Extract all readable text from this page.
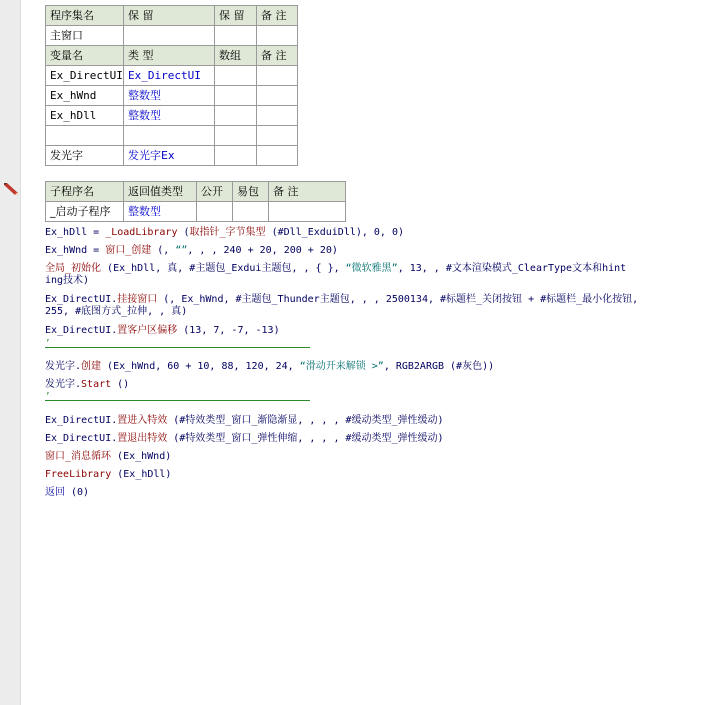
程序集名	保 留	保 留	备 注
主窗口			
变量名	类 型	数组	备 注
Ex_DirectUI	Ex_DirectUI		
Ex_hWnd	整数型		
Ex_hDll	整数型		

发光字	发光字Ex		
子程序名	返回值类型	公开	易包	备 注
_启动子程序	整数型			
Ex_hDll = _LoadLibrary (取指针_字节集型 (#Dll_ExduiDll), 0, 0)
Ex_hWnd = 窗口_创建 (, “”, , , 240 + 20, 200 + 20)
全局_初始化 (Ex_hDll, 真, #主题包_Exdui主题包, , { }, “微软雅黑”, 13, , #文本渲染模式_ClearType文本和hint
ing技术)
Ex_DirectUI.挂接窗口 (, Ex_hWnd, #主题包_Thunder主题包, , , 2500134, #标题栏_关闭按钮 + #标题栏_最小化按钮,
255, #底图方式_拉伸, , 真)
Ex_DirectUI.置客户区偏移 (13, 7, -7, -13)
’
发光字.创建 (Ex_hWnd, 60 + 10, 88, 120, 24, “滑动开来解锁 >”, RGB2ARGB (#灰色))
发光字.Start ()
’
Ex_DirectUI.置进入特效 (#特效类型_窗口_渐隐渐显, , , , #缓动类型_弹性缓动)
Ex_DirectUI.置退出特效 (#特效类型_窗口_弹性伸缩, , , , #缓动类型_弹性缓动)
窗口_消息循环 (Ex_hWnd)
FreeLibrary (Ex_hDll)
返回 (0)
